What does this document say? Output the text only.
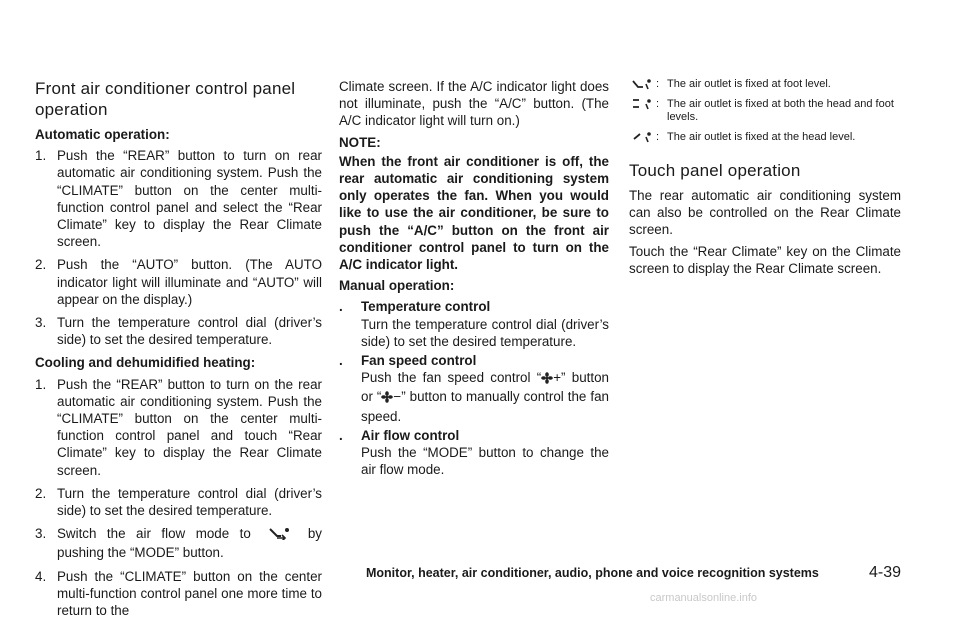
Front air conditioner control panel operation
Automatic operation:
1. Push the “REAR” button to turn on rear automatic air conditioning system. Push the “CLIMATE” button on the center multi-function control panel and select the “Rear Climate” key to display the Rear Climate screen.
2. Push the “AUTO” button. (The AUTO indicator light will illuminate and “AUTO” will appear on the display.)
3. Turn the temperature control dial (driver’s side) to set the desired temperature.
Cooling and dehumidified heating:
1. Push the “REAR” button to turn on the rear automatic air conditioning system. Push the “CLIMATE” button on the center multi-function control panel and touch “Rear Climate” key to display the Rear Climate screen.
2. Turn the temperature control dial (driver’s side) to set the desired temperature.
3. Switch the air flow mode to	by pushing the “MODE” button.
4. Push the “CLIMATE” button on the center multi-function control panel one more time to return to the
Climate screen. If the A/C indicator light does not illuminate, push the “A/C” button. (The A/C indicator light will turn on.)
NOTE:
When the front air conditioner is off, the rear automatic air conditioning system only operates the fan. When you would like to use the air conditioner, be sure to push the “A/C” button on the front air conditioner control panel to turn on the A/C indicator light.
Manual operation:
. Temperature control
Turn the temperature control dial (driver’s side) to set the desired temperature.
. Fan speed control
Push the fan speed control “ +” button or “ −” button to manually control the fan speed.
. Air flow control
Push the “MODE” button to change the air flow mode.
: The air outlet is fixed at foot level.
: The air outlet is fixed at both the head and foot levels.
: The air outlet is fixed at the head level.
Touch panel operation
The rear automatic air conditioning system can also be controlled on the Rear Climate screen.
Touch the “Rear Climate” key on the Climate screen to display the Rear Climate screen.
Monitor, heater, air conditioner, audio, phone and voice recognition systems	4-39
carmanualsonline.info
